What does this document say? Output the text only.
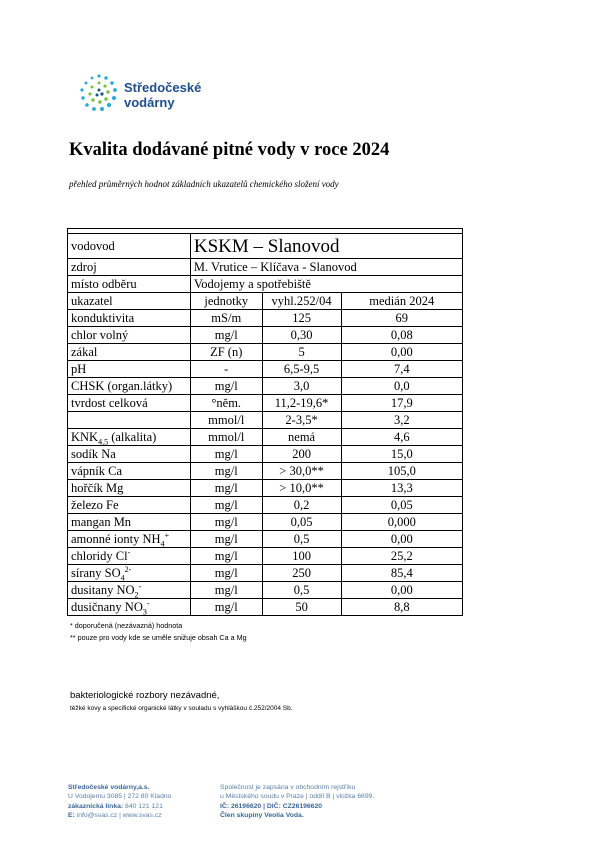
Středočeské
vodárny
Kvalita dodávané pitné vody v roce 2024
přehled průměrných hodnot základních ukazatelů chemického složení vody

vodovod	KSKM – Slanovod		
zdroj	M. Vrutice – Klíčava - Slanovod		
místo odběru	Vodojemy a spotřebiště		
ukazatel	jednotky	vyhl.252/04	medián 2024
konduktivita	mS/m	125	69
chlor volný	mg/l	0,30	0,08
zákal	ZF (n)	5	0,00
pH	-	6,5-9,5	7,4
CHSK (organ.látky)	mg/l	3,0	0,0
tvrdost celková	°něm.	11,2-19,6*	17,9
	mmol/l	2-3,5*	3,2
$KNK_{4,5}$ (alkalita)	mmol/l	nemá	4,6
sodík Na	mg/l	200	15,0
vápník Ca	mg/l	> 30,0**	105,0
hořčík Mg	mg/l	> 10,0**	13,3
železo Fe	mg/l	0,2	0,05
mangan Mn	mg/l	0,05	0,000
amonné ionty $NH_4^+$	mg/l	0,5	0,00
chloridy Cl-	mg/l	100	25,2
sírany $SO_4^{2-}$	mg/l	250	85,4
dusitany $NO_2^-$	mg/l	0,5	0,00
dusičnany $NO_3^-$	mg/l	50	8,8
* doporučená (nezávazná) hodnota
** pouze pro vody kde se uměle snižuje obsah Ca a Mg
bakteriologické rozbory nezávadné,
těžké kovy a specifické organické látky v souladu s vyhláškou č.252/2004 Sb.
Středočeské vodárny,a.s.
U Vodojemu 3085 | 272 80 Kladno
zákaznická linka: 840 121 121
E: info@svas.cz | www.svas.cz
Společnost je zapsána v obchodním rejstříku
u Městského soudu v Praze | oddíl B | vložka 6699.
IČ: 26196620 | DIČ: CZ26196620
Člen skupiny Veolia Voda.
